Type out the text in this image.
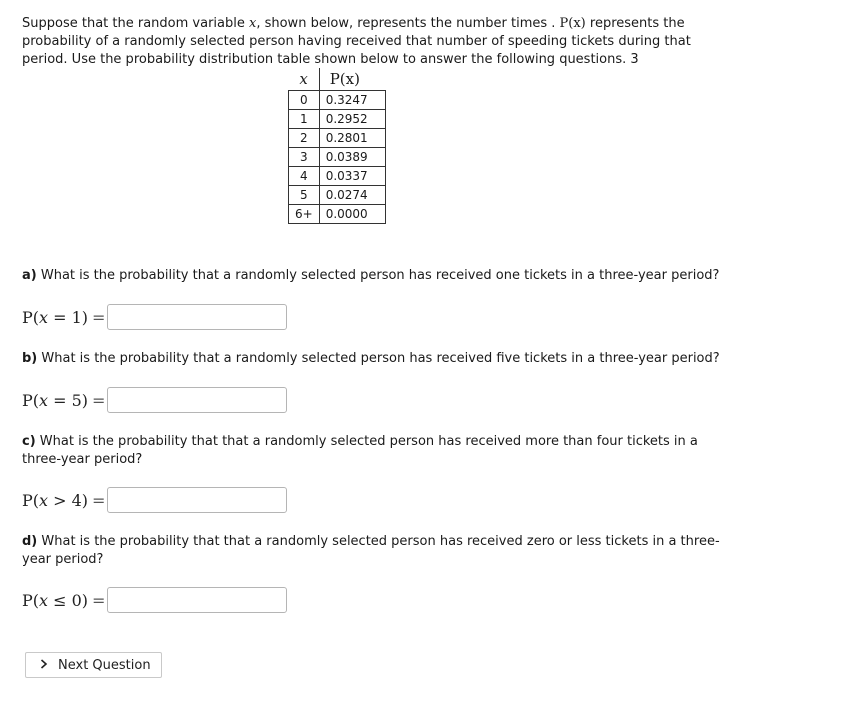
Suppose that the random variable x, shown below, represents the number times . P(x) represents the probability of a randomly selected person having received that number of speeding tickets during that period. Use the probability distribution table shown below to answer the following questions. 3
x	P(x)
0	0.3247
1	0.2952
2	0.2801
3	0.0389
4	0.0337
5	0.0274
6+	0.0000
a) What is the probability that a randomly selected person has received one tickets in a three-year period?
P(x = 1) =
b) What is the probability that a randomly selected person has received five tickets in a three-year period?
P(x = 5) =
c) What is the probability that that a randomly selected person has received more than four tickets in a three-year period?
P(x > 4) =
d) What is the probability that that a randomly selected person has received zero or less tickets in a three-year period?
P(x ≤ 0) =
Next Question
